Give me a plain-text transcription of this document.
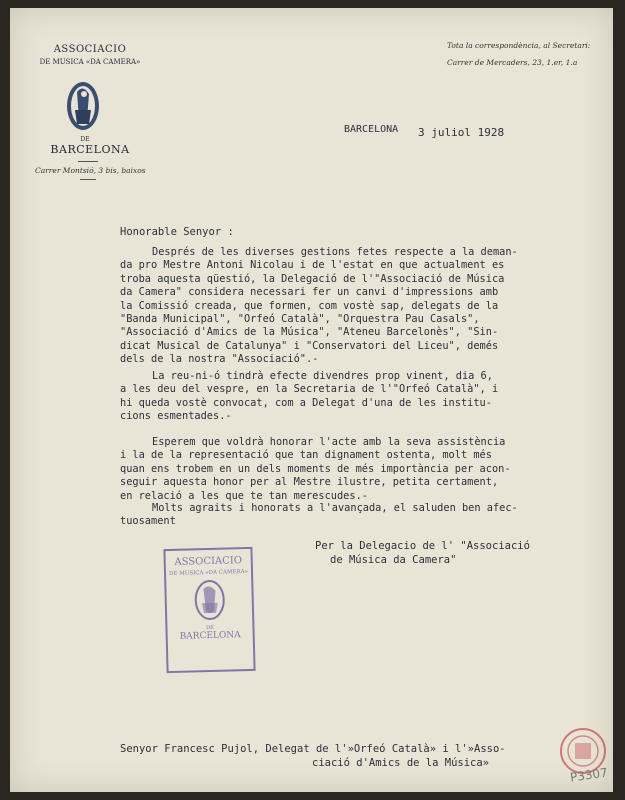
ASSOCIACIO
DE MUSICA «DA CAMERA»
DE
BARCELONA
Carrer Montsió, 3 bis, baixos
Tota la correspondència, al Secretari:
Carrer de Mercaders, 23, 1.er, 1.a
BARCELONA 3 juliol 1928
Honorable Senyor :
Després de les diverses gestions fetes respecte a la deman-
da pro Mestre Antoni Nicolau i de l'estat en que actualment es
troba aquesta qüestió, la Delegació de l'"Associació de Música
da Camera" considera necessari fer un canvi d'impressions amb
la Comissió creada, que formen, com vostè sap, delegats de la
"Banda Municipal", "Orfeó Català", "Orquestra Pau Casals",
"Associació d'Amics de la Música", "Ateneu Barcelonès", "Sin-
dicat Musical de Catalunya" i "Conservatori del Liceu", demés
dels de la nostra "Associació".-
La reu-ni-ó tindrà efecte divendres prop vinent, dia 6,
a les deu del vespre, en la Secretaria de l'"Orfeó Català", i
hi queda vostè convocat, com a Delegat d'una de les institu-
cions esmentades.-
Esperem que voldrà honorar l'acte amb la seva assistència
i la de la representació que tan dignament ostenta, molt més
quan ens trobem en un dels moments de més importància per acon-
seguir aquesta honor per al Mestre ilustre, petita certament,
en relació a les que te tan merescudes.-
Molts agraits i honorats a l'avançada, el saluden ben afec-
tuosament
Per la Delegacio de l' "Associació
de Música da Camera"
ASSOCIACIO
DE MUSICA «DA CAMERA»
DE
BARCELONA
Senyor Francesc Pujol, Delegat de l'»Orfeó Català» i l'»Asso-
ciació d'Amics de la Música»
P3307
